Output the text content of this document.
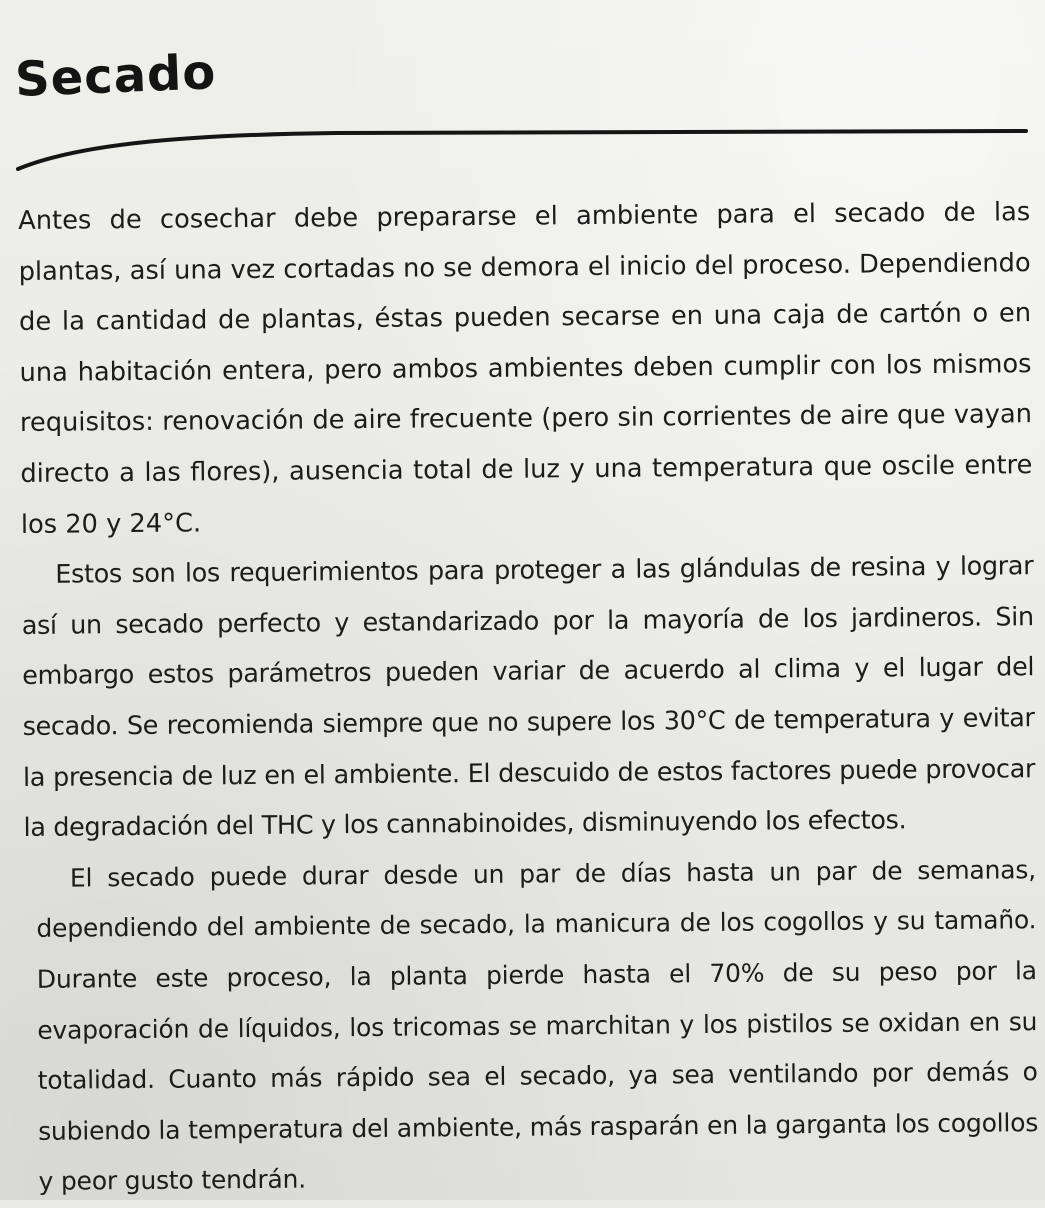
Secado

Antes de cosechar debe prepararse el ambiente para el secado de las plantas, así una vez cortadas no se demora el inicio del proceso. Dependiendo de la cantidad de plantas, éstas pueden secarse en una caja de cartón o en una habitación entera, pero ambos ambientes deben cumplir con los mismos requisitos: renovación de aire frecuente (pero sin corrientes de aire que vayan directo a las flores), ausencia total de luz y una temperatura que oscile entre los 20 y 24°C.

Estos son los requerimientos para proteger a las glándulas de resina y lograr así un secado perfecto y estandarizado por la mayoría de los jardineros. Sin embargo estos parámetros pueden variar de acuerdo al clima y el lugar del secado. Se recomienda siempre que no supere los 30°C de temperatura y evitar la presencia de luz en el ambiente. El descuido de estos factores puede provocar la degradación del THC y los cannabinoides, disminuyendo los efectos.

El secado puede durar desde un par de días hasta un par de semanas, dependiendo del ambiente de secado, la manicura de los cogollos y su tamaño. Durante este proceso, la planta pierde hasta el 70% de su peso por la evaporación de líquidos, los tricomas se marchitan y los pistilos se oxidan en su totalidad. Cuanto más rápido sea el secado, ya sea ventilando por demás o subiendo la temperatura del ambiente, más rasparán en la garganta los cogollos y peor gusto tendrán.
